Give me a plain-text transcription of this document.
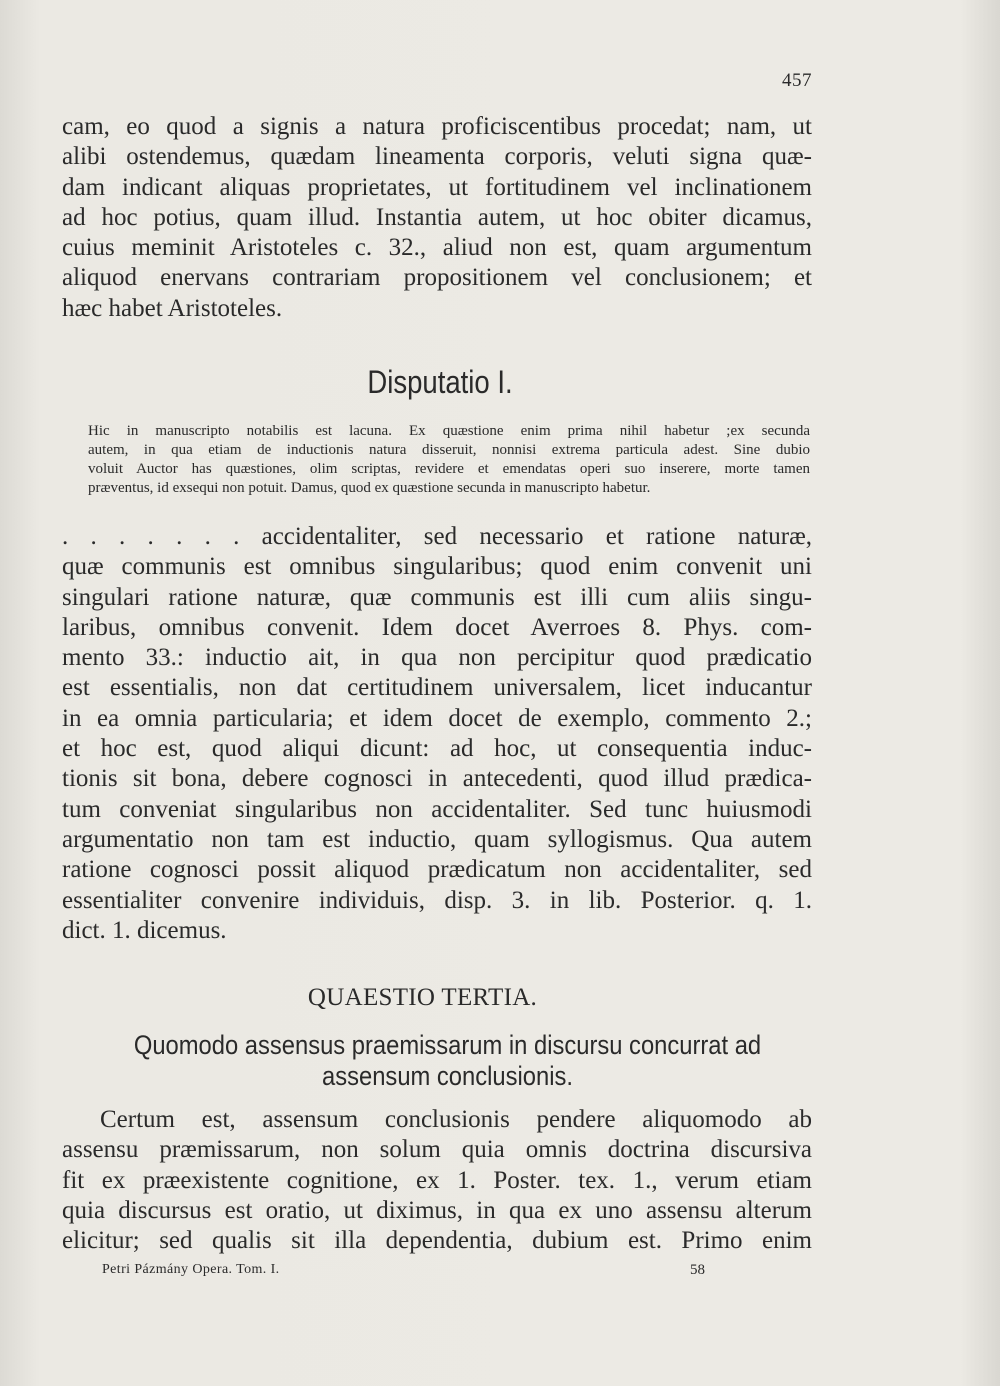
457
cam, eo quod a signis a natura proficiscentibus procedat; nam, ut
alibi ostendemus, quædam lineamenta corporis, veluti signa quæ-
dam indicant aliquas proprietates, ut fortitudinem vel inclinationem
ad hoc potius, quam illud. Instantia autem, ut hoc obiter dicamus,
cuius meminit Aristoteles c. 32., aliud non est, quam argumentum
aliquod enervans contrariam propositionem vel conclusionem; et
hæc habet Aristoteles.
Disputatio I.
Hic in manuscripto notabilis est lacuna. Ex quæstione enim prima nihil habetur ;ex secunda
autem, in qua etiam de inductionis natura disseruit, nonnisi extrema particula adest. Sine dubio
voluit Auctor has quæstiones, olim scriptas, revidere et emendatas operi suo inserere, morte tamen
præventus, id exsequi non potuit. Damus, quod ex quæstione secunda in manuscripto habetur.
. . . . . . . accidentaliter, sed necessario et ratione naturæ,
quæ communis est omnibus singularibus; quod enim convenit uni
singulari ratione naturæ, quæ communis est illi cum aliis singu-
laribus, omnibus convenit. Idem docet Averroes 8. Phys. com-
mento 33.: inductio ait, in qua non percipitur quod prædicatio
est essentialis, non dat certitudinem universalem, licet inducantur
in ea omnia particularia; et idem docet de exemplo, commento 2.;
et hoc est, quod aliqui dicunt: ad hoc, ut consequentia induc-
tionis sit bona, debere cognosci in antecedenti, quod illud prædica-
tum conveniat singularibus non accidentaliter. Sed tunc huiusmodi
argumentatio non tam est inductio, quam syllogismus. Qua autem
ratione cognosci possit aliquod prædicatum non accidentaliter, sed
essentialiter convenire individuis, disp. 3. in lib. Posterior. q. 1.
dict. 1. dicemus.
QUAESTIO TERTIA.
Quomodo assensus praemissarum in discursu concurrat ad
assensum conclusionis.
Certum est, assensum conclusionis pendere aliquomodo ab
assensu præmissarum, non solum quia omnis doctrina discursiva
fit ex præexistente cognitione, ex 1. Poster. tex. 1., verum etiam
quia discursus est oratio, ut diximus, in qua ex uno assensu alterum
elicitur; sed qualis sit illa dependentia, dubium est. Primo enim
Petri Pázmány Opera. Tom. I.	58
